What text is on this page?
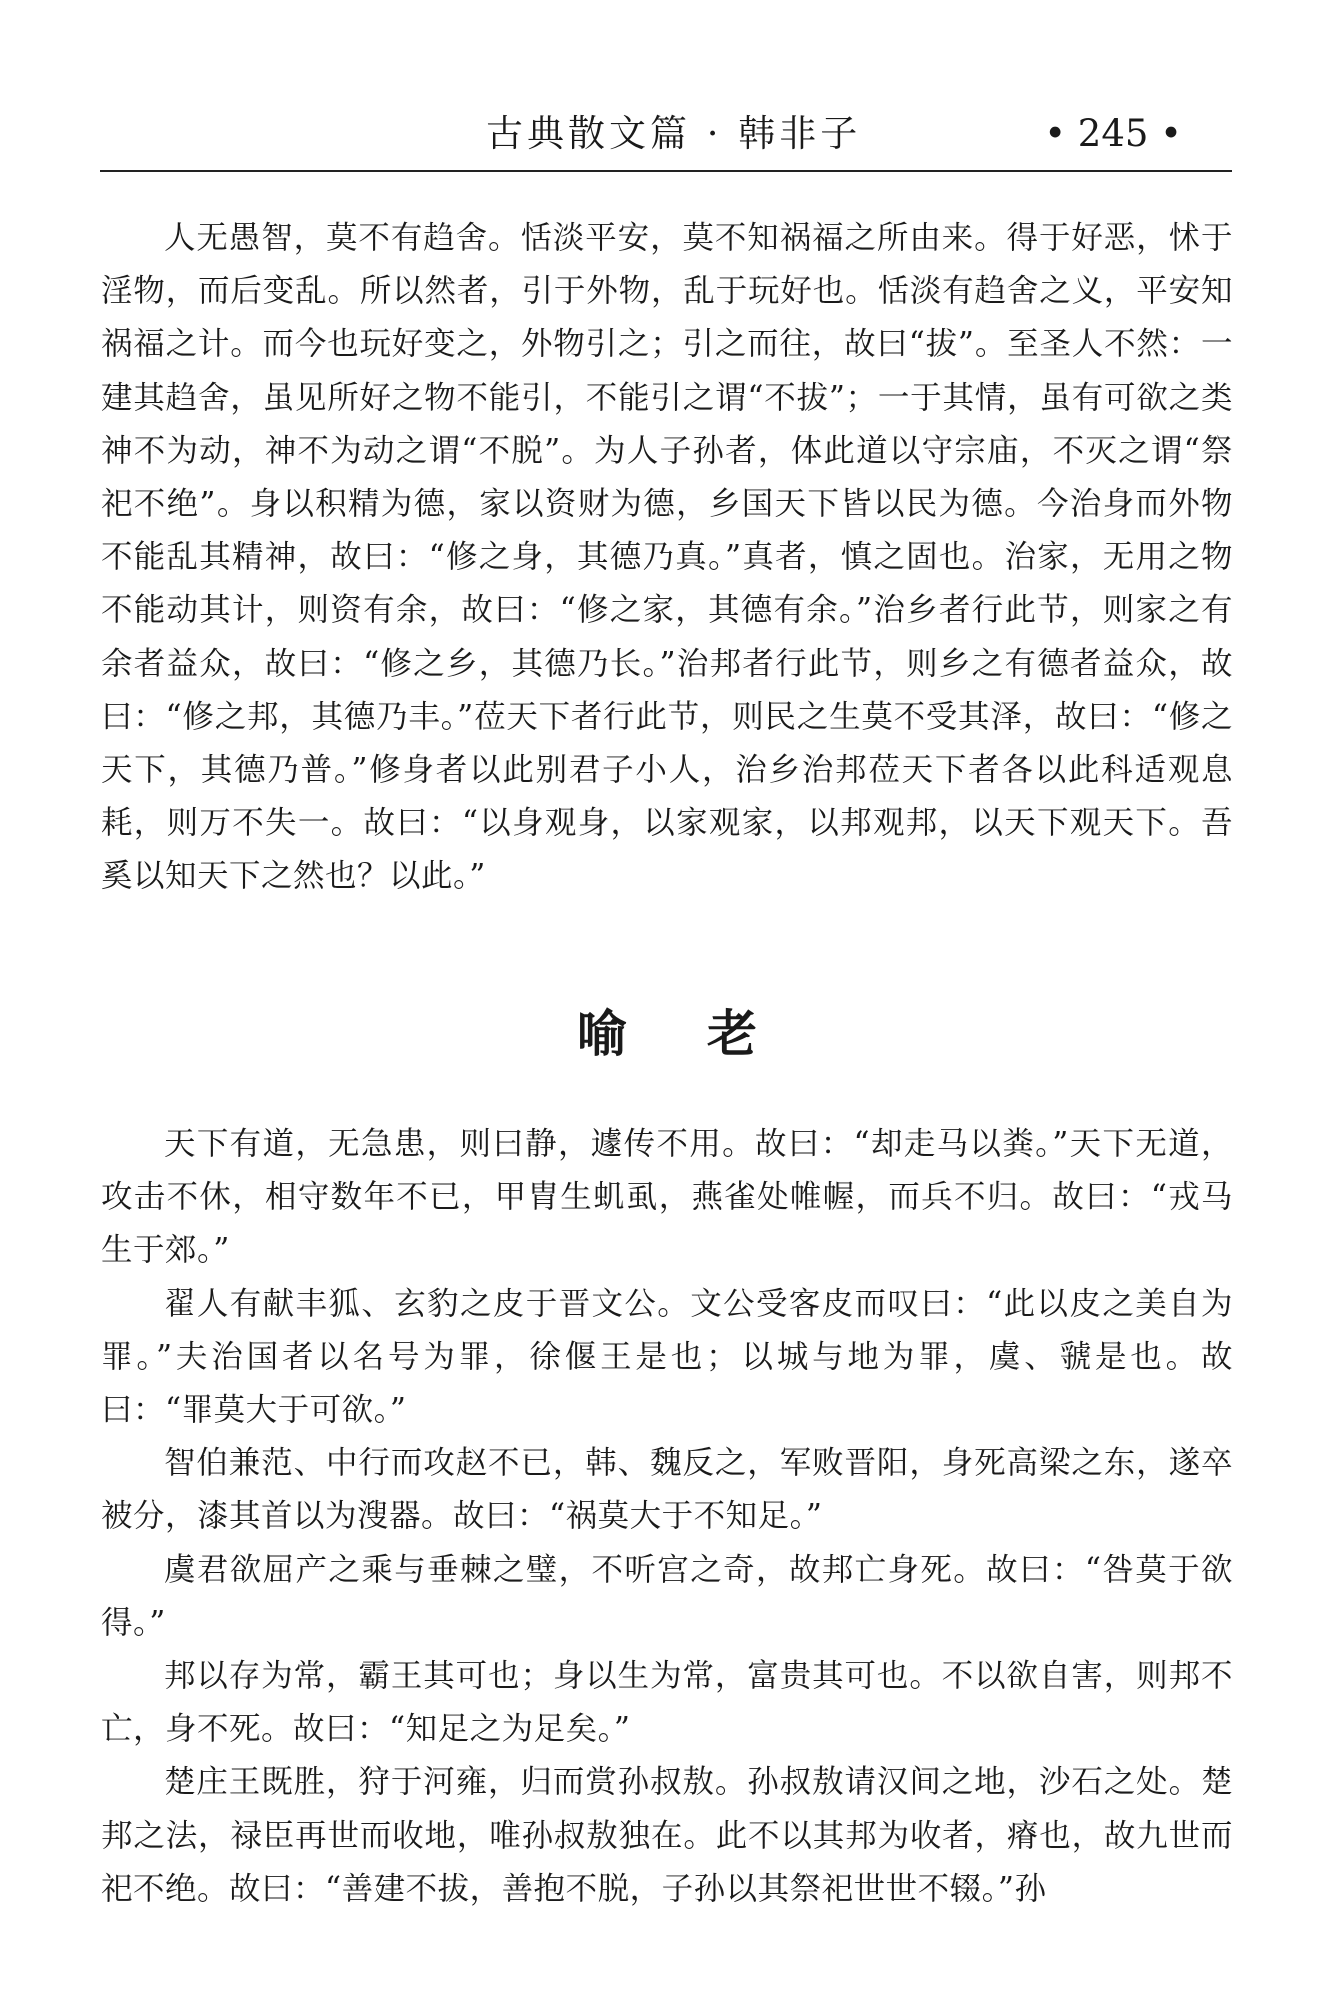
古典散文篇 · 韩非子	• 245 •

人无愚智，莫不有趋舍。恬淡平安，莫不知祸福之所由来。得于好恶，怵于淫物，而后变乱。所以然者，引于外物，乱于玩好也。恬淡有趋舍之义，平安知祸福之计。而今也玩好变之，外物引之；引之而往，故曰“拔”。至圣人不然：一建其趋舍，虽见所好之物不能引，不能引之谓“不拔”；一于其情，虽有可欲之类神不为动，神不为动之谓“不脱”。为人子孙者，体此道以守宗庙，不灭之谓“祭祀不绝”。身以积精为德，家以资财为德，乡国天下皆以民为德。今治身而外物不能乱其精神，故曰：“修之身，其德乃真。”真者，慎之固也。治家，无用之物不能动其计，则资有余，故曰：“修之家，其德有余。”治乡者行此节，则家之有余者益众，故曰：“修之乡，其德乃长。”治邦者行此节，则乡之有德者益众，故曰：“修之邦，其德乃丰。”莅天下者行此节，则民之生莫不受其泽，故曰：“修之天下，其德乃普。”修身者以此别君子小人，治乡治邦莅天下者各以此科适观息耗，则万不失一。故曰：“以身观身，以家观家，以邦观邦，以天下观天下。吾奚以知天下之然也？以此。”

喻老

天下有道，无急患，则曰静，遽传不用。故曰：“却走马以粪。”天下无道，攻击不休，相守数年不已，甲胄生虮虱，燕雀处帷幄，而兵不归。故曰：“戎马生于郊。”

翟人有献丰狐、玄豹之皮于晋文公。文公受客皮而叹曰：“此以皮之美自为罪。”夫治国者以名号为罪，徐偃王是也；以城与地为罪，虞、虢是也。故曰：“罪莫大于可欲。”

智伯兼范、中行而攻赵不已，韩、魏反之，军败晋阳，身死高梁之东，遂卒被分，漆其首以为溲器。故曰：“祸莫大于不知足。”

虞君欲屈产之乘与垂棘之璧，不听宫之奇，故邦亡身死。故曰：“咎莫于欲得。”

邦以存为常，霸王其可也；身以生为常，富贵其可也。不以欲自害，则邦不亡，身不死。故曰：“知足之为足矣。”

楚庄王既胜，狩于河雍，归而赏孙叔敖。孙叔敖请汉间之地，沙石之处。楚邦之法，禄臣再世而收地，唯孙叔敖独在。此不以其邦为收者，瘠也，故九世而祀不绝。故曰：“善建不拔，善抱不脱，子孙以其祭祀世世不辍。”孙
